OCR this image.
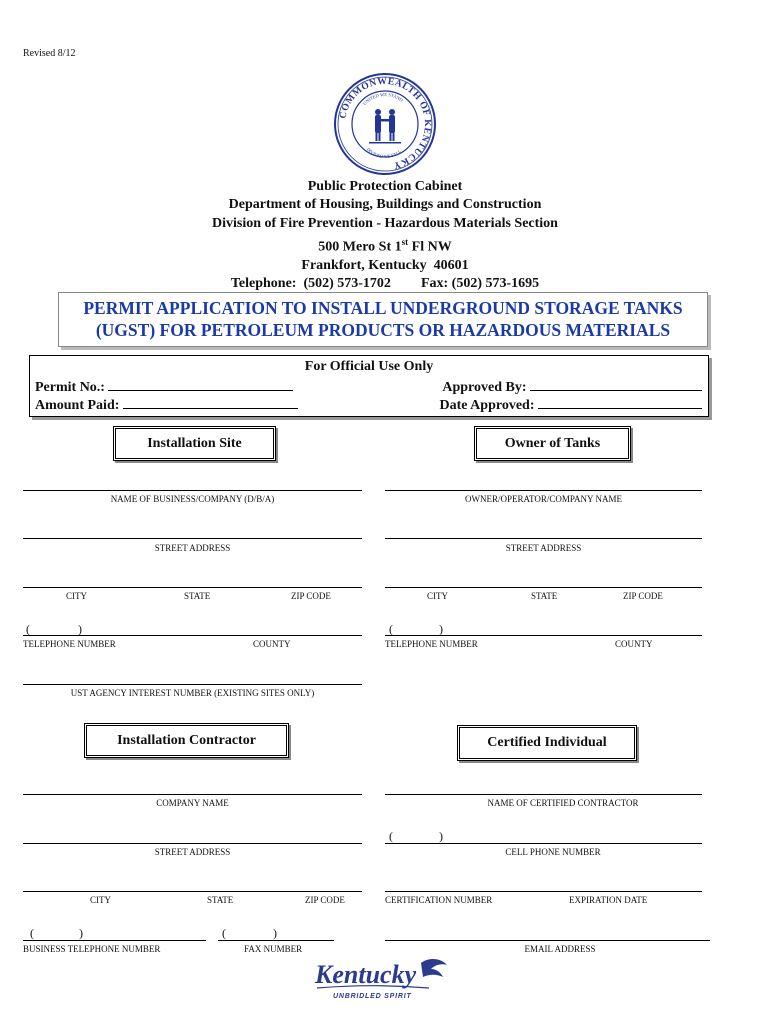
Revised 8/12
COMMONWEALTH OF KENTUCKY
UNITED WE STAND
DIVIDED WE FALL
Public Protection Cabinet
Department of Housing, Buildings and Construction
Division of Fire Prevention - Hazardous Materials Section
500 Mero St 1st Fl NW
Frankfort, Kentucky  40601
Telephone:  (502) 573-1702 Fax: (502) 573-1695
PERMIT APPLICATION TO INSTALL UNDERGROUND STORAGE TANKS
(UGST) FOR PETROLEUM PRODUCTS OR HAZARDOUS MATERIALS
For Official Use Only
Permit No.:
Amount Paid:
Approved By:
Date Approved:
Installation Site	Owner of Tanks
NAME OF BUSINESS/COMPANY (D/B/A)
STREET ADDRESS
CITY	STATE	ZIP CODE
(	)
TELEPHONE NUMBER	COUNTY
UST AGENCY INTEREST NUMBER (EXISTING SITES ONLY)
OWNER/OPERATOR/COMPANY NAME
STREET ADDRESS
CITY	STATE	ZIP CODE
(	)
TELEPHONE NUMBER	COUNTY
Installation Contractor	Certified Individual
COMPANY NAME
STREET ADDRESS
CITY	STATE	ZIP CODE
(	)	(	)
BUSINESS TELEPHONE NUMBER	FAX NUMBER
NAME OF CERTIFIED CONTRACTOR
(	)
CELL PHONE NUMBER
CERTIFICATION NUMBER	EXPIRATION DATE
EMAIL ADDRESS
Kentucky
UNBRIDLED SPIRIT
